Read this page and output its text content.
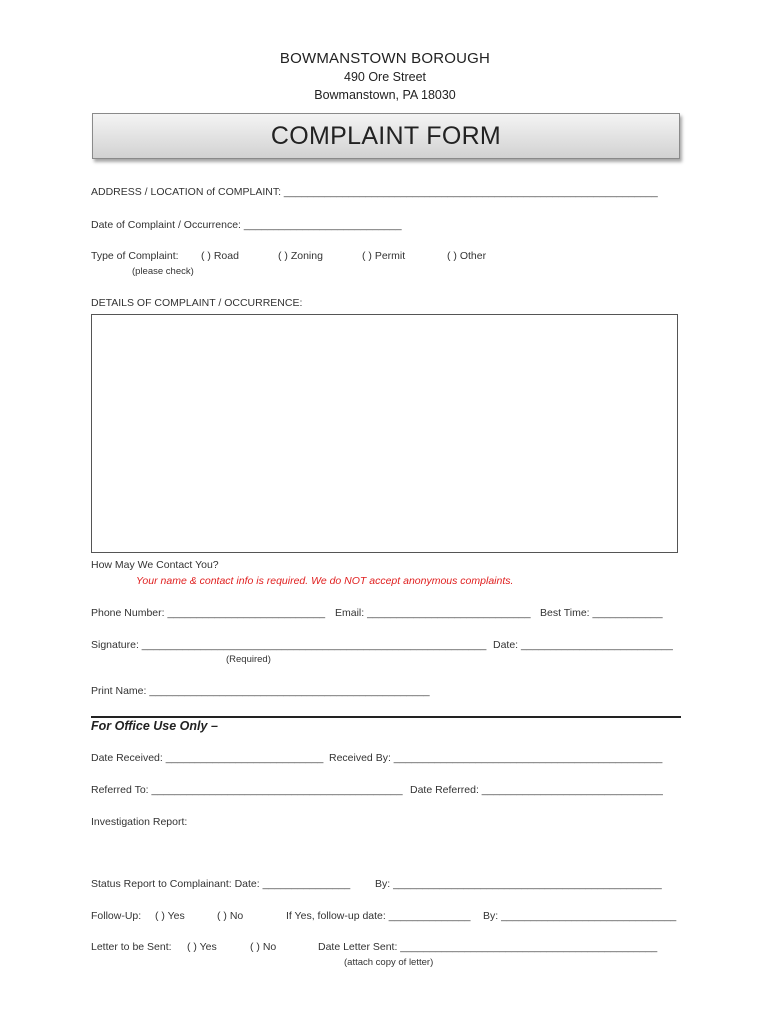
BOWMANSTOWN BOROUGH
490 Ore Street
Bowmanstown, PA 18030
COMPLAINT FORM
ADDRESS / LOCATION of COMPLAINT: ________________________________________________________________
Date of Complaint / Occurrence: ___________________________
Type of Complaint: ( ) Road	( ) Zoning	( ) Permit	( ) Other
(please check)
DETAILS OF COMPLAINT / OCCURRENCE:
How May We Contact You?
Your name & contact info is required. We do NOT accept anonymous complaints.
Phone Number: ___________________________ Email: ____________________________ Best Time: ____________
Signature: ___________________________________________________________ Date: __________________________
(Required)
Print Name: ________________________________________________
For Office Use Only –
Date Received: ___________________________ Received By: ______________________________________________
Referred To: ___________________________________________ Date Referred: _______________________________
Investigation Report:
Status Report to Complainant: Date: _______________ By: ______________________________________________
Follow-Up: ( ) Yes	( ) No	If Yes, follow-up date: ______________ By: ______________________________
Letter to be Sent: ( ) Yes	( ) No	Date Letter Sent: ____________________________________________
(attach copy of letter)
